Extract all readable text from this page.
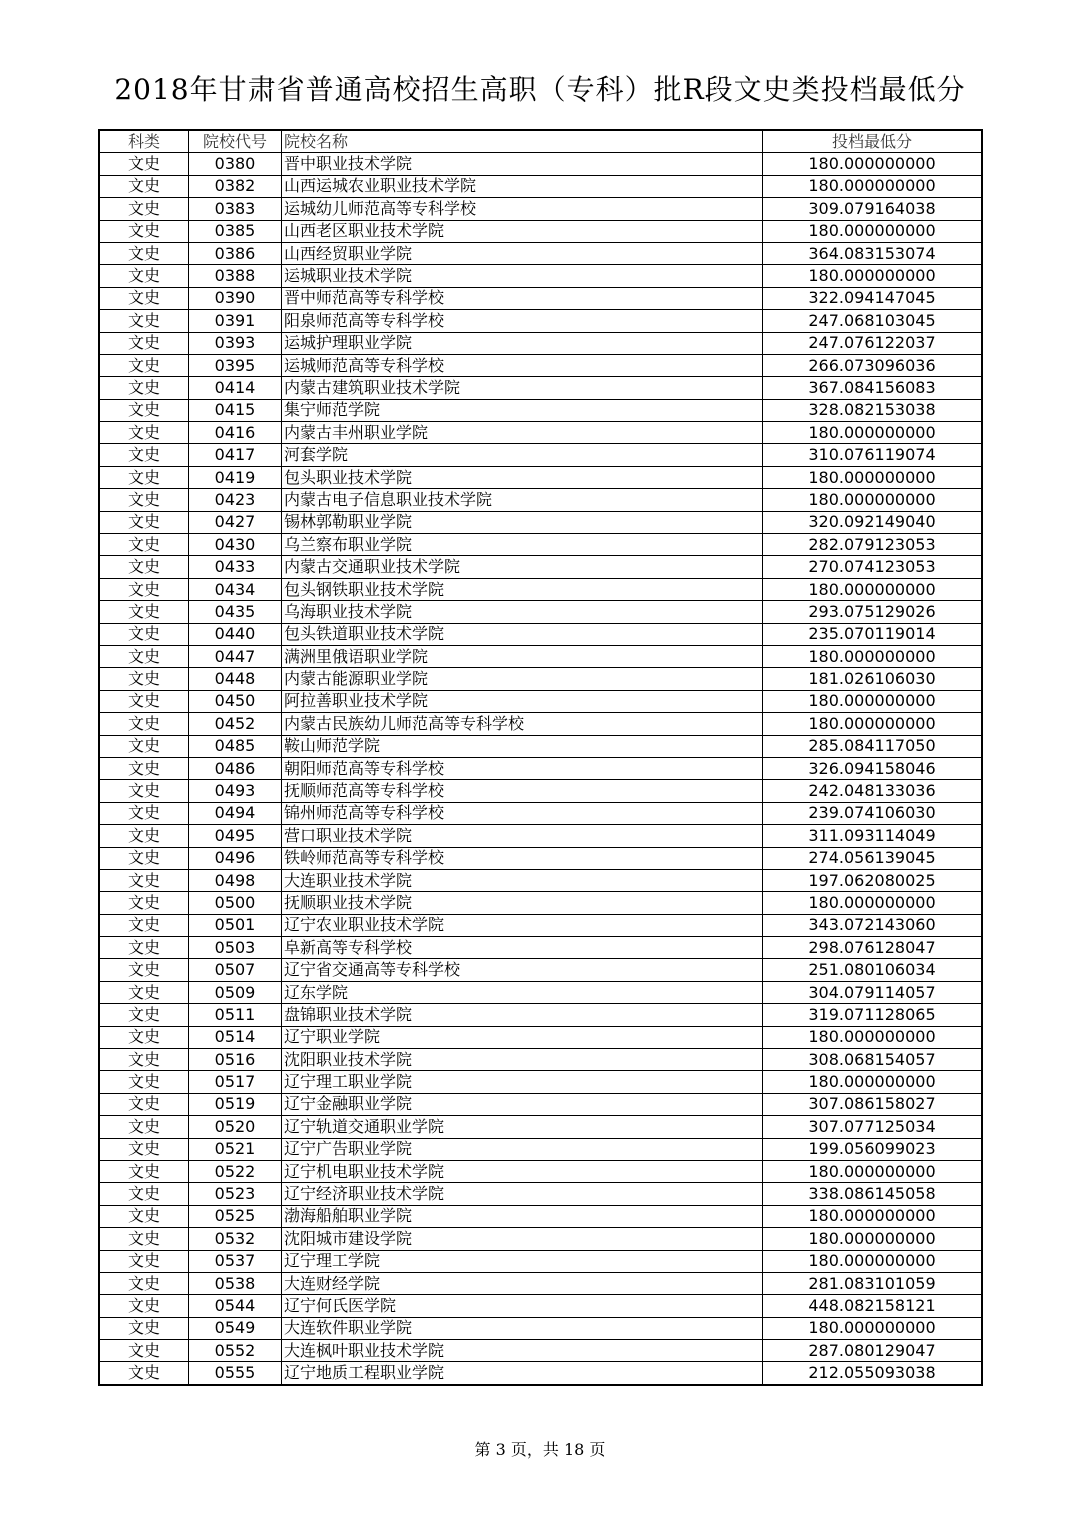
2018年甘肃省普通高校招生高职（专科）批R段文史类投档最低分
科类	院校代号	院校名称	投档最低分
文史	0380	晋中职业技术学院	180.000000000
文史	0382	山西运城农业职业技术学院	180.000000000
文史	0383	运城幼儿师范高等专科学校	309.079164038
文史	0385	山西老区职业技术学院	180.000000000
文史	0386	山西经贸职业学院	364.083153074
文史	0388	运城职业技术学院	180.000000000
文史	0390	晋中师范高等专科学校	322.094147045
文史	0391	阳泉师范高等专科学校	247.068103045
文史	0393	运城护理职业学院	247.076122037
文史	0395	运城师范高等专科学校	266.073096036
文史	0414	内蒙古建筑职业技术学院	367.084156083
文史	0415	集宁师范学院	328.082153038
文史	0416	内蒙古丰州职业学院	180.000000000
文史	0417	河套学院	310.076119074
文史	0419	包头职业技术学院	180.000000000
文史	0423	内蒙古电子信息职业技术学院	180.000000000
文史	0427	锡林郭勒职业学院	320.092149040
文史	0430	乌兰察布职业学院	282.079123053
文史	0433	内蒙古交通职业技术学院	270.074123053
文史	0434	包头钢铁职业技术学院	180.000000000
文史	0435	乌海职业技术学院	293.075129026
文史	0440	包头铁道职业技术学院	235.070119014
文史	0447	满洲里俄语职业学院	180.000000000
文史	0448	内蒙古能源职业学院	181.026106030
文史	0450	阿拉善职业技术学院	180.000000000
文史	0452	内蒙古民族幼儿师范高等专科学校	180.000000000
文史	0485	鞍山师范学院	285.084117050
文史	0486	朝阳师范高等专科学校	326.094158046
文史	0493	抚顺师范高等专科学校	242.048133036
文史	0494	锦州师范高等专科学校	239.074106030
文史	0495	营口职业技术学院	311.093114049
文史	0496	铁岭师范高等专科学校	274.056139045
文史	0498	大连职业技术学院	197.062080025
文史	0500	抚顺职业技术学院	180.000000000
文史	0501	辽宁农业职业技术学院	343.072143060
文史	0503	阜新高等专科学校	298.076128047
文史	0507	辽宁省交通高等专科学校	251.080106034
文史	0509	辽东学院	304.079114057
文史	0511	盘锦职业技术学院	319.071128065
文史	0514	辽宁职业学院	180.000000000
文史	0516	沈阳职业技术学院	308.068154057
文史	0517	辽宁理工职业学院	180.000000000
文史	0519	辽宁金融职业学院	307.086158027
文史	0520	辽宁轨道交通职业学院	307.077125034
文史	0521	辽宁广告职业学院	199.056099023
文史	0522	辽宁机电职业技术学院	180.000000000
文史	0523	辽宁经济职业技术学院	338.086145058
文史	0525	渤海船舶职业学院	180.000000000
文史	0532	沈阳城市建设学院	180.000000000
文史	0537	辽宁理工学院	180.000000000
文史	0538	大连财经学院	281.083101059
文史	0544	辽宁何氏医学院	448.082158121
文史	0549	大连软件职业学院	180.000000000
文史	0552	大连枫叶职业技术学院	287.080129047
文史	0555	辽宁地质工程职业学院	212.055093038
第 3 页，共 18 页
